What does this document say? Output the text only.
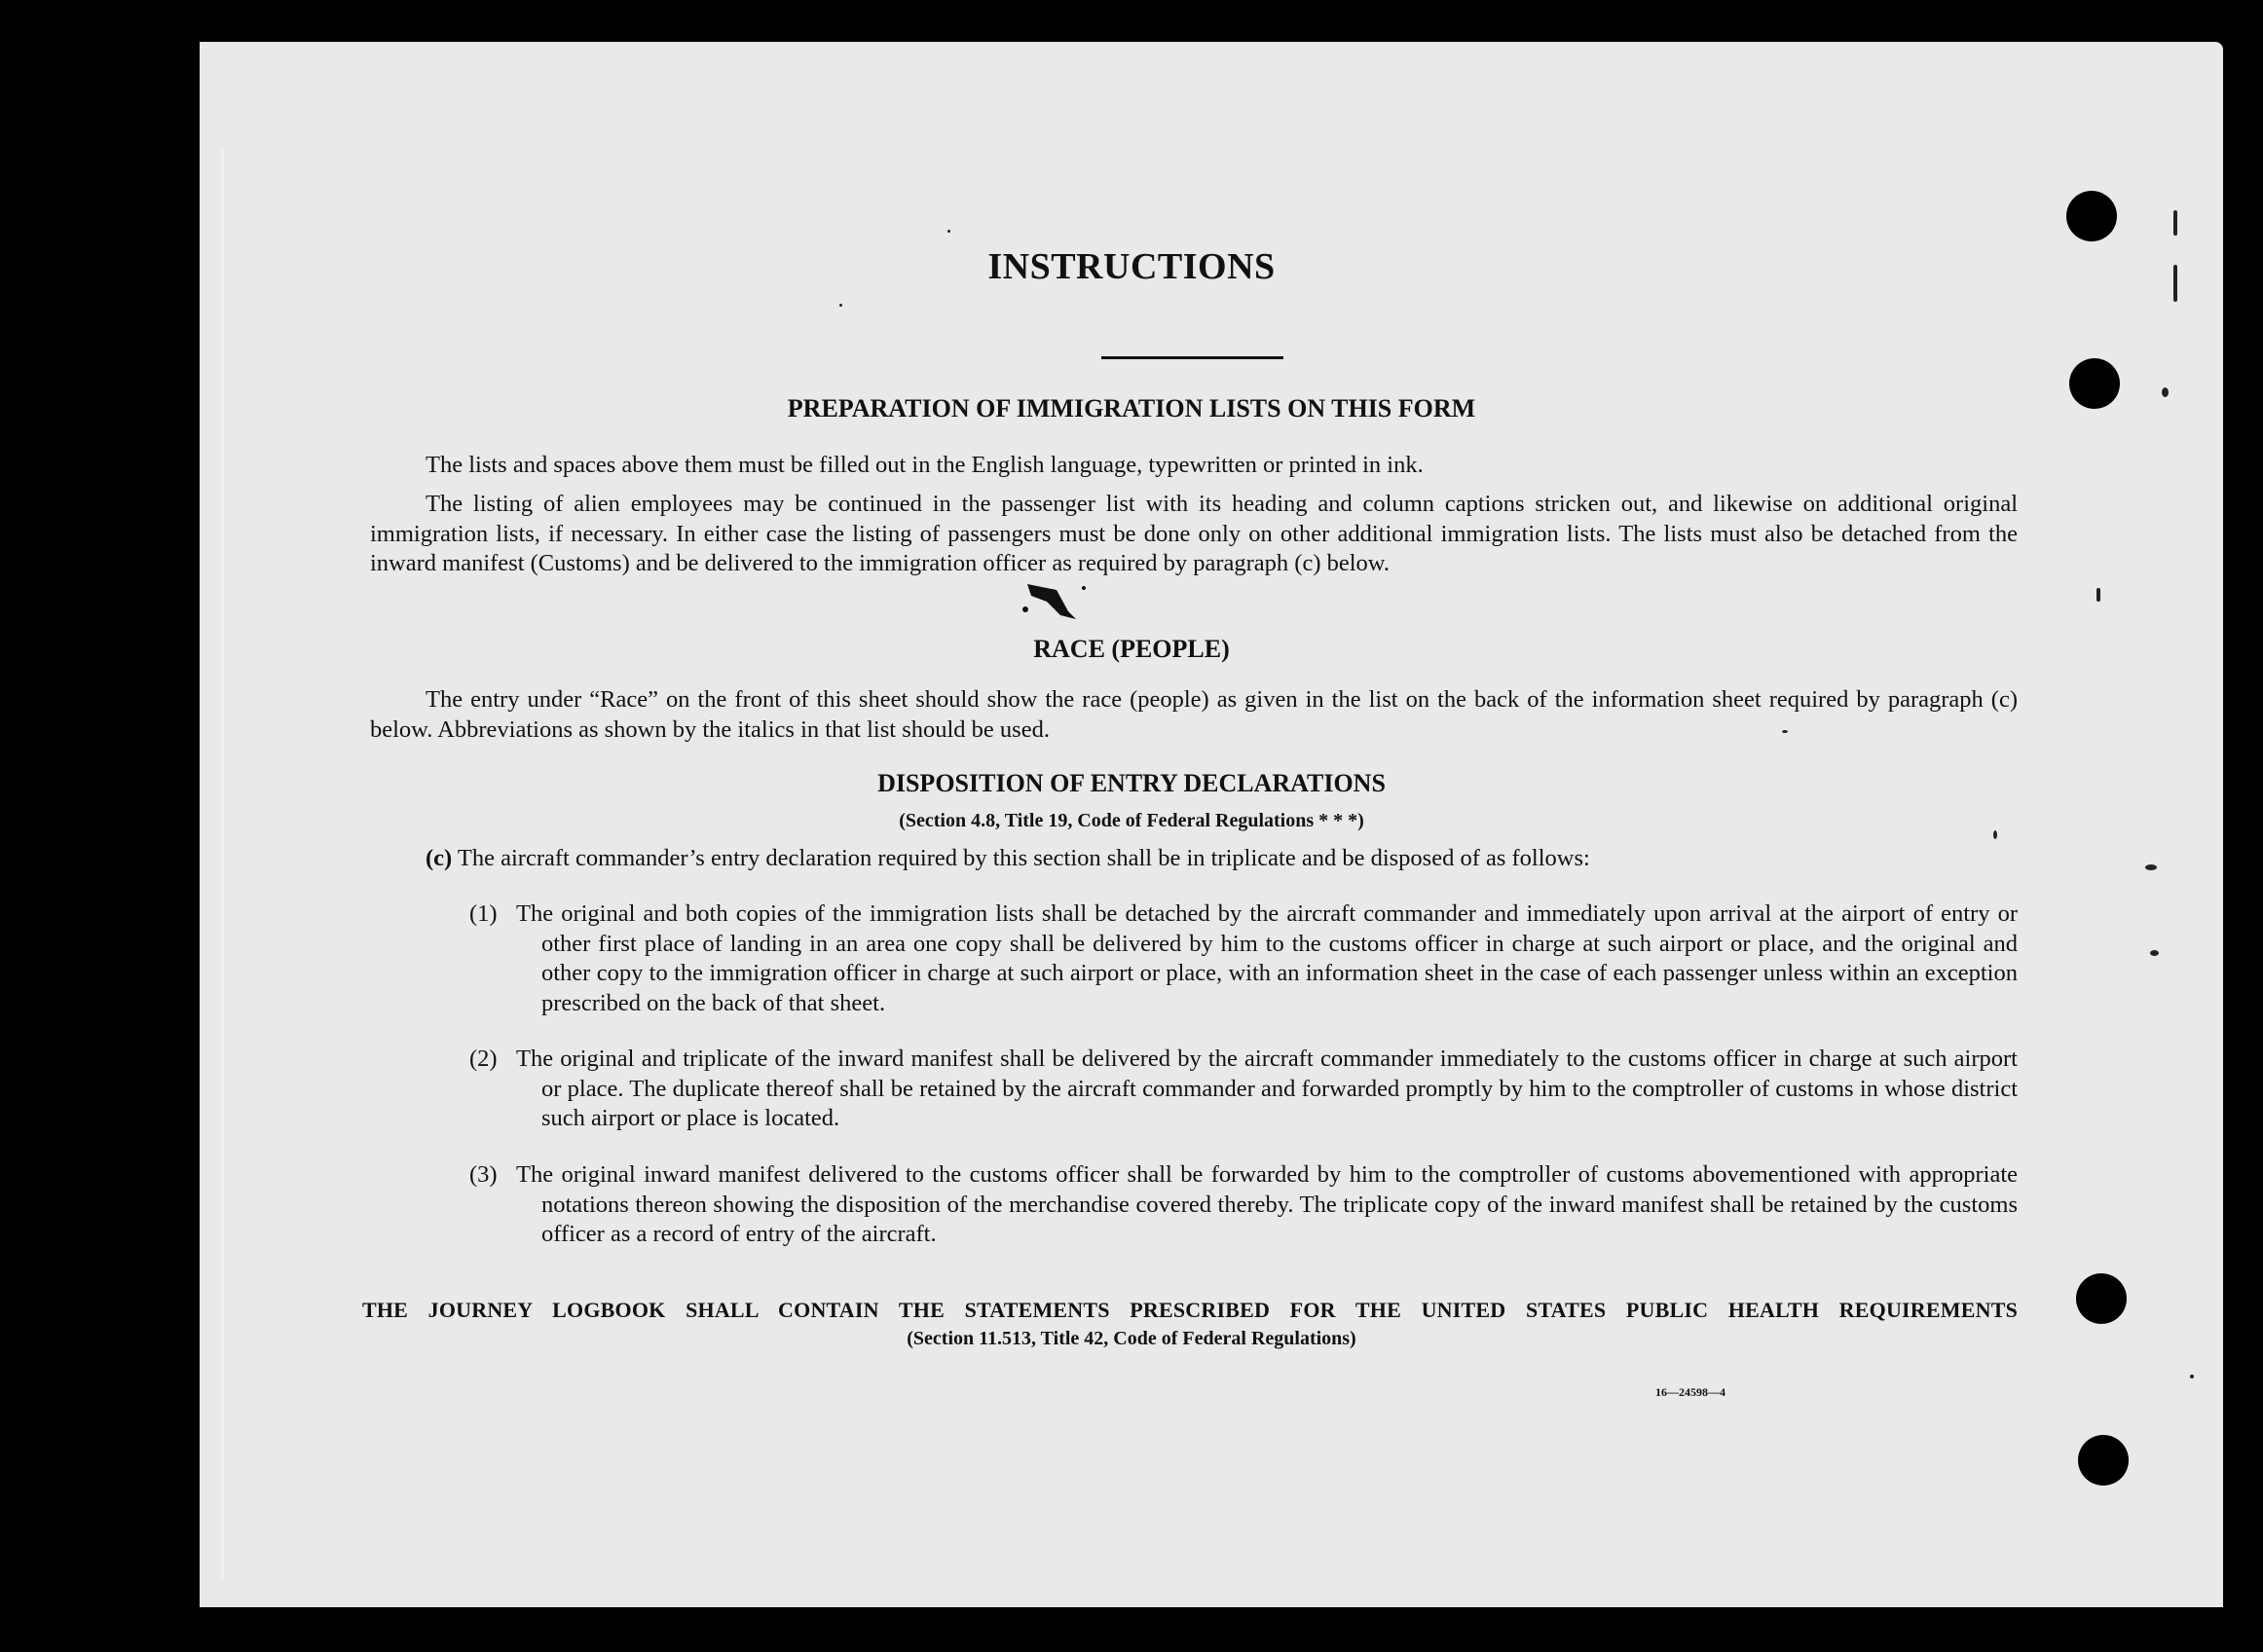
INSTRUCTIONS
PREPARATION OF IMMIGRATION LISTS ON THIS FORM
The lists and spaces above them must be filled out in the English language, typewritten or printed in ink.
The listing of alien employees may be continued in the passenger list with its heading and column captions stricken out, and likewise on additional original immigration lists, if necessary. In either case the listing of passengers must be done only on other additional immigration lists. The lists must also be detached from the inward manifest (Customs) and be delivered to the immigration officer as required by paragraph (c) below.
RACE (PEOPLE)
The entry under “Race” on the front of this sheet should show the race (people) as given in the list on the back of the information sheet required by paragraph (c) below. Abbreviations as shown by the italics in that list should be used.
DISPOSITION OF ENTRY DECLARATIONS
(Section 4.8, Title 19, Code of Federal Regulations * * *)
(c) The aircraft commander’s entry declaration required by this section shall be in triplicate and be disposed of as follows:
(1) The original and both copies of the immigration lists shall be detached by the aircraft commander and immediately upon arrival at the airport of entry or other first place of landing in an area one copy shall be delivered by him to the customs officer in charge at such airport or place, and the original and other copy to the immigration officer in charge at such airport or place, with an information sheet in the case of each passenger unless within an exception prescribed on the back of that sheet.
(2) The original and triplicate of the inward manifest shall be delivered by the aircraft commander immediately to the customs officer in charge at such airport or place. The duplicate thereof shall be retained by the aircraft commander and forwarded promptly by him to the comptroller of customs in whose district such airport or place is located.
(3) The original inward manifest delivered to the customs officer shall be forwarded by him to the comptroller of customs abovementioned with appropriate notations thereon showing the disposition of the merchandise covered thereby. The triplicate copy of the inward manifest shall be retained by the customs officer as a record of entry of the aircraft.
THE JOURNEY LOGBOOK SHALL CONTAIN THE STATEMENTS PRESCRIBED FOR THE UNITED STATES PUBLIC HEALTH REQUIREMENTS
(Section 11.513, Title 42, Code of Federal Regulations)
16—24598—4
